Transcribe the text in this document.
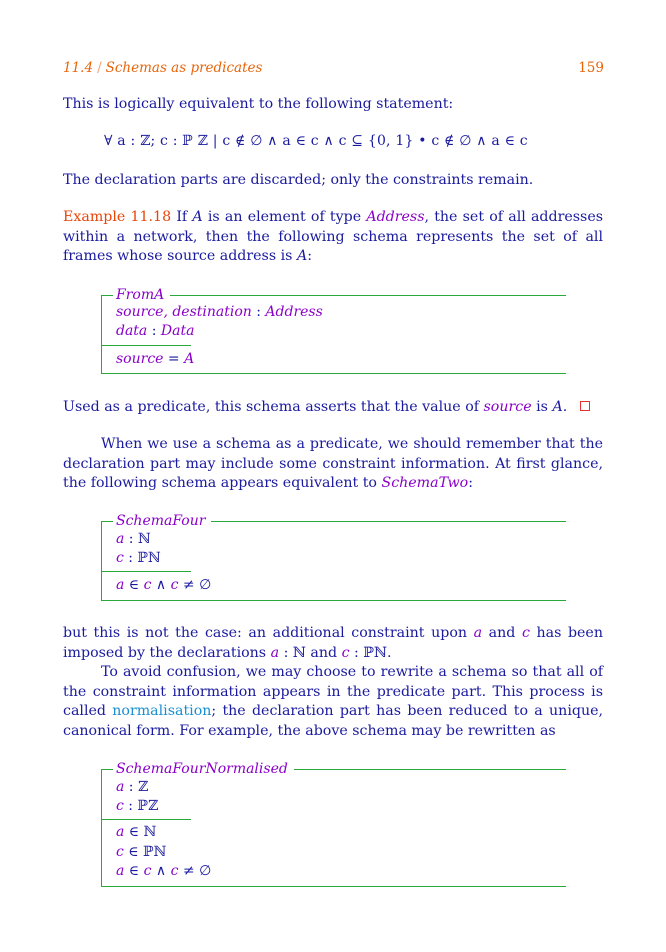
11.4 / Schemas as predicates	159
This is logically equivalent to the following statement:
∀ a : ℤ; c : ℙ ℤ | c ∉ ∅ ∧ a ∈ c ∧ c ⊆ {0, 1} • c ∉ ∅ ∧ a ∈ c
The declaration parts are discarded; only the constraints remain.
Example 11.18 If A is an element of type Address, the set of all addresses within a network, then the following schema represents the set of all frames whose source address is A:
FromA
source, destination : Address
data : Data
source = A
Used as a predicate, this schema asserts that the value of source is A.
When we use a schema as a predicate, we should remember that the declaration part may include some constraint information. At first glance, the following schema appears equivalent to SchemaTwo:
SchemaFour
a : ℕ
c : ℙℕ
a ∈ c ∧ c ≠ ∅
but this is not the case: an additional constraint upon a and c has been imposed by the declarations a : ℕ and c : ℙℕ.
To avoid confusion, we may choose to rewrite a schema so that all of the constraint information appears in the predicate part. This process is called normalisation; the declaration part has been reduced to a unique, canonical form. For example, the above schema may be rewritten as
SchemaFourNormalised
a : ℤ
c : ℙℤ
a ∈ ℕ
c ∈ ℙℕ
a ∈ c ∧ c ≠ ∅
